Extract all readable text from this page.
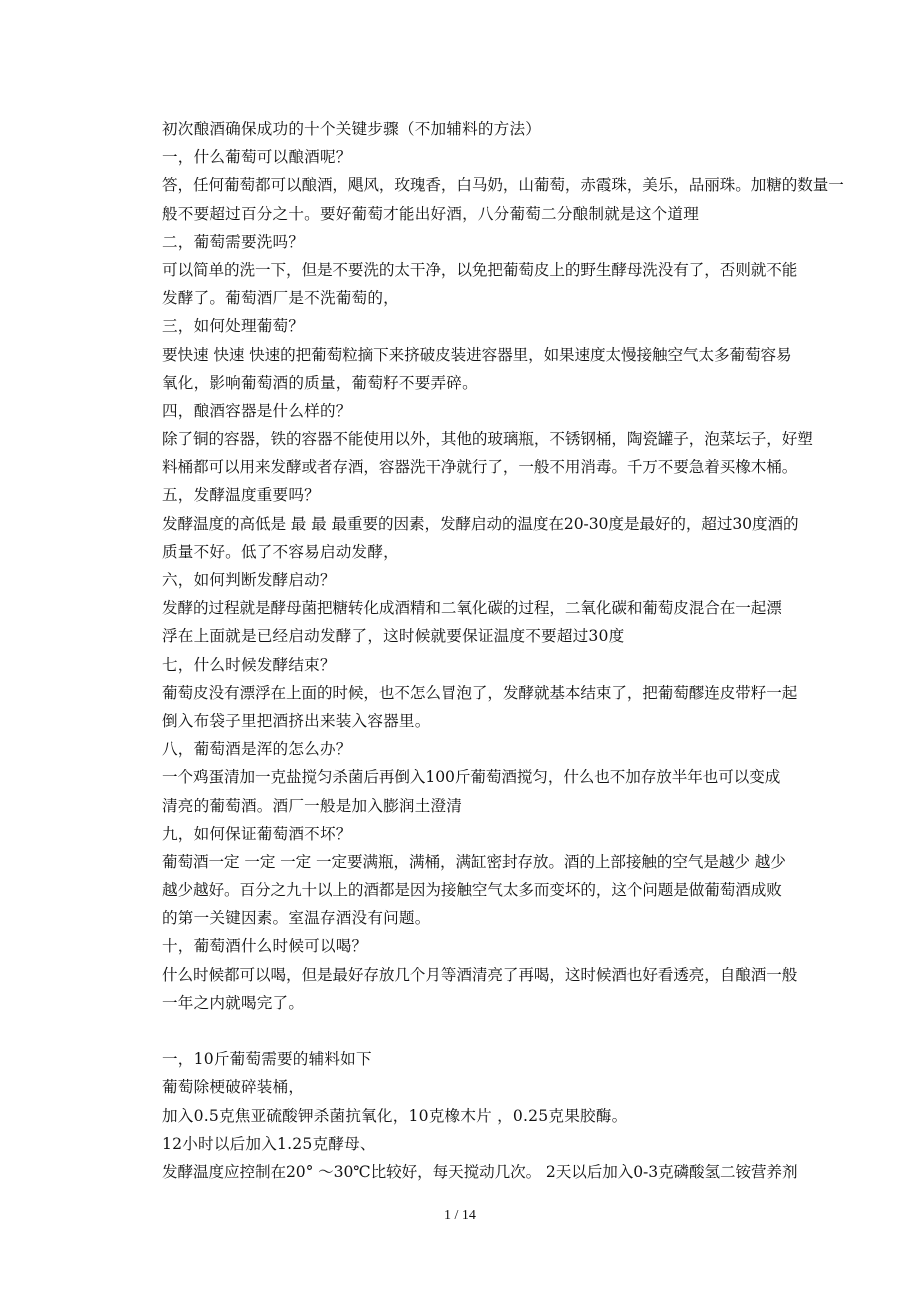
初次酿酒确保成功的十个关键步骤（不加辅料的方法）
一，什么葡萄可以酿酒呢？
答，任何葡萄都可以酿酒，飓风，玫瑰香，白马奶，山葡萄，赤霞珠，美乐，品丽珠。加糖的数量一
般不要超过百分之十。要好葡萄才能出好酒，八分葡萄二分酿制就是这个道理
二，葡萄需要洗吗？
可以简单的洗一下，但是不要洗的太干净，以免把葡萄皮上的野生酵母洗没有了，否则就不能
发酵了。葡萄酒厂是不洗葡萄的，
三，如何处理葡萄？
要快速 快速 快速的把葡萄粒摘下来挤破皮装进容器里，如果速度太慢接触空气太多葡萄容易
氧化，影响葡萄酒的质量，葡萄籽不要弄碎。
四，酿酒容器是什么样的？
除了铜的容器，铁的容器不能使用以外，其他的玻璃瓶，不锈钢桶，陶瓷罐子，泡菜坛子，好塑
料桶都可以用来发酵或者存酒，容器洗干净就行了，一般不用消毒。千万不要急着买橡木桶。
五，发酵温度重要吗？
发酵温度的高低是 最 最 最重要的因素，发酵启动的温度在20-30度是最好的，超过30度酒的
质量不好。低了不容易启动发酵，
六，如何判断发酵启动？
发酵的过程就是酵母菌把糖转化成酒精和二氧化碳的过程，二氧化碳和葡萄皮混合在一起漂
浮在上面就是已经启动发酵了，这时候就要保证温度不要超过30度
七，什么时候发酵结束？
葡萄皮没有漂浮在上面的时候，也不怎么冒泡了，发酵就基本结束了，把葡萄醪连皮带籽一起
倒入布袋子里把酒挤出来装入容器里。
八，葡萄酒是浑的怎么办？
一个鸡蛋清加一克盐搅匀杀菌后再倒入100斤葡萄酒搅匀，什么也不加存放半年也可以变成
清亮的葡萄酒。酒厂一般是加入膨润土澄清
九，如何保证葡萄酒不坏？
葡萄酒一定 一定 一定 一定要满瓶，满桶，满缸密封存放。酒的上部接触的空气是越少 越少
越少越好。百分之九十以上的酒都是因为接触空气太多而变坏的，这个问题是做葡萄酒成败
的第一关键因素。室温存酒没有问题。
十，葡萄酒什么时候可以喝？
什么时候都可以喝，但是最好存放几个月等酒清亮了再喝，这时候酒也好看透亮，自酿酒一般
一年之内就喝完了。
一，10斤葡萄需要的辅料如下
葡萄除梗破碎装桶，
加入0.5克焦亚硫酸钾杀菌抗氧化，10克橡木片 ，0.25克果胶酶。
12小时以后加入1.25克酵母、
发酵温度应控制在20° ～30℃比较好，每天搅动几次。 2天以后加入0-3克磷酸氢二铵营养剂
1 / 14
